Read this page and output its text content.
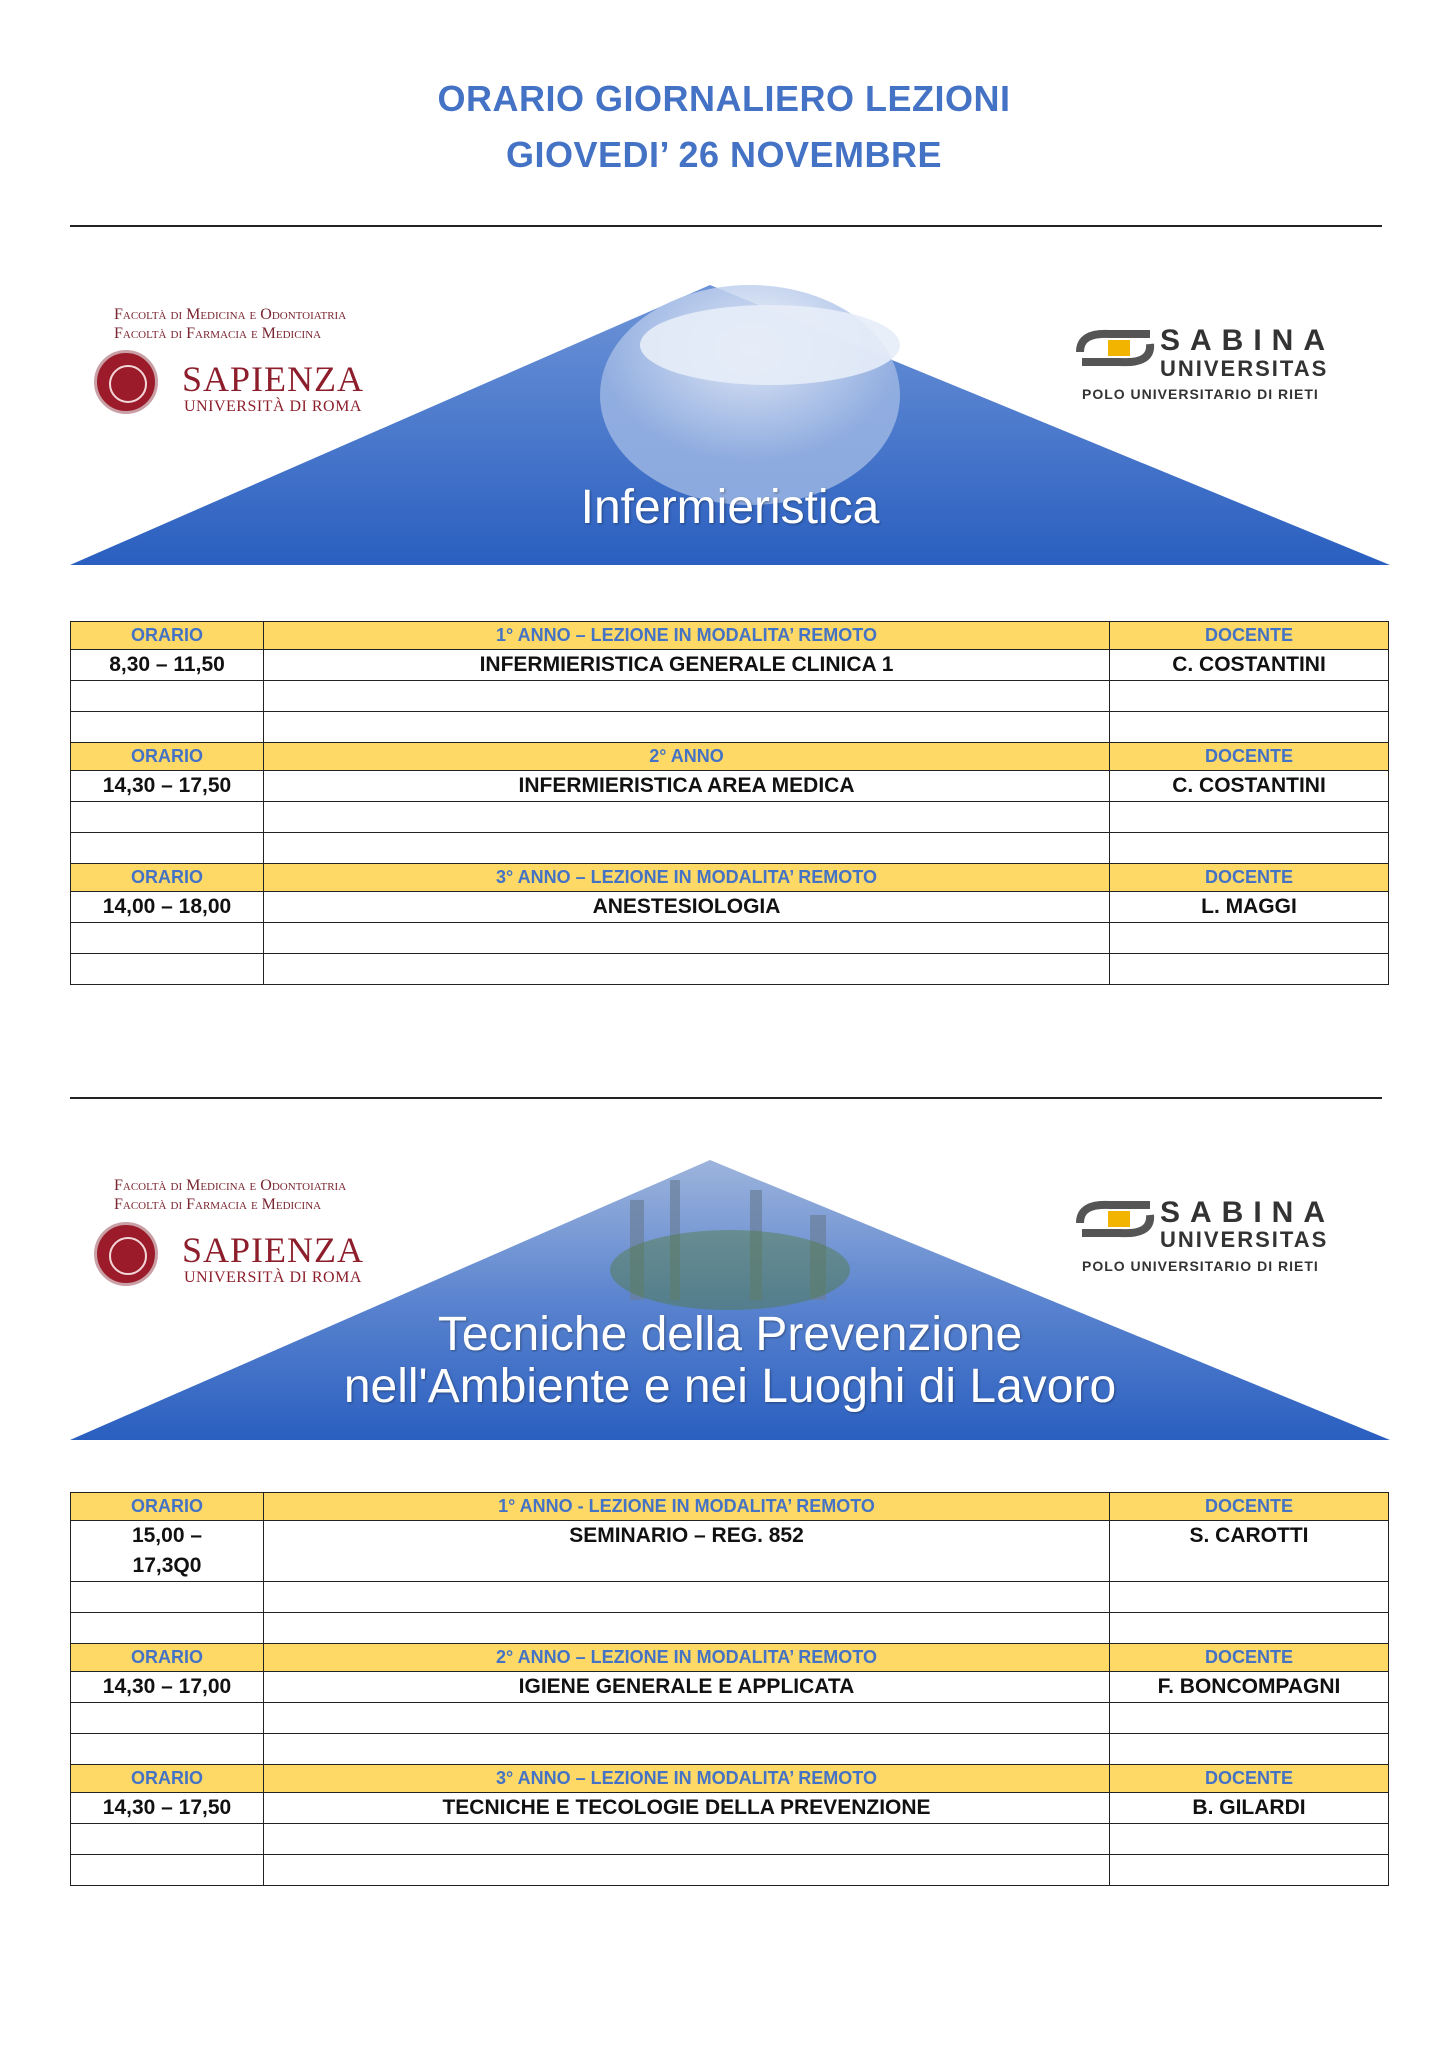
ORARIO GIORNALIERO LEZIONI
GIOVEDI’ 26 NOVEMBRE
Infermieristica
Facoltà di Medicina e Odontoiatria
Facoltà di Farmacia e Medicina
SAPIENZA
UNIVERSITÀ DI ROMA
SABINA
UNIVERSITAS
POLO UNIVERSITARIO DI RIETI
ORARIO	1° ANNO – LEZIONE IN MODALITA’ REMOTO	DOCENTE
8,30 – 11,50	INFERMIERISTICA GENERALE CLINICA 1	C. COSTANTINI

ORARIO	2° ANNO	DOCENTE
14,30 – 17,50	INFERMIERISTICA AREA MEDICA	C. COSTANTINI

ORARIO	3° ANNO – LEZIONE IN MODALITA’ REMOTO	DOCENTE
14,00 – 18,00	ANESTESIOLOGIA	L. MAGGI

Tecniche della Prevenzione
nell'Ambiente e nei Luoghi di Lavoro
Facoltà di Medicina e Odontoiatria
Facoltà di Farmacia e Medicina
SAPIENZA
UNIVERSITÀ DI ROMA
SABINA
UNIVERSITAS
POLO UNIVERSITARIO DI RIETI
ORARIO	1° ANNO - LEZIONE IN MODALITA’ REMOTO	DOCENTE
15,00 – 17,3Q0	SEMINARIO – REG. 852	S. CAROTTI

ORARIO	2° ANNO – LEZIONE IN MODALITA’ REMOTO	DOCENTE
14,30 – 17,00	IGIENE GENERALE E APPLICATA	F. BONCOMPAGNI

ORARIO	3° ANNO – LEZIONE IN MODALITA’ REMOTO	DOCENTE
14,30 – 17,50	TECNICHE E TECOLOGIE DELLA PREVENZIONE	B. GILARDI
